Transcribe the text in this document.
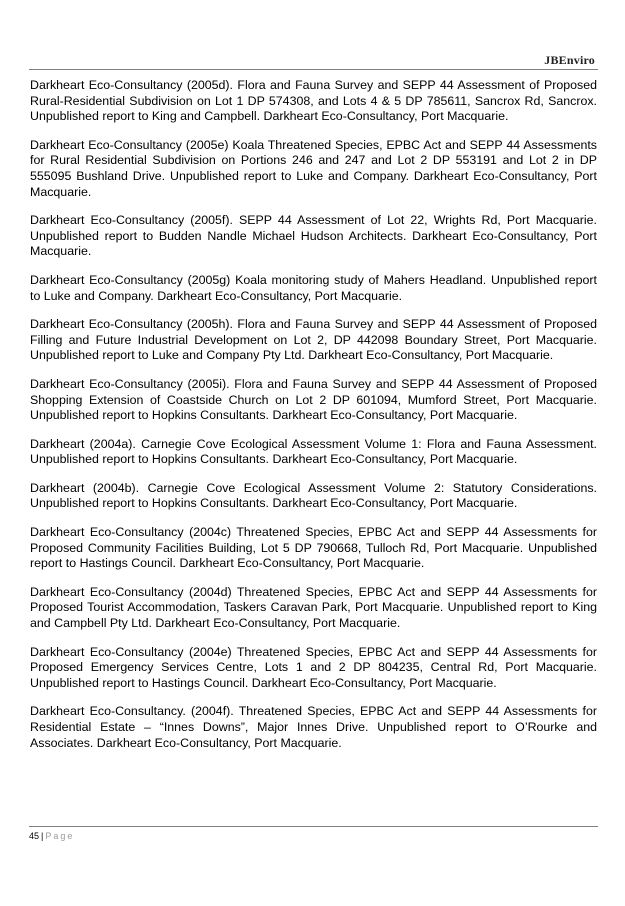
JBEnviro
Darkheart Eco-Consultancy (2005d). Flora and Fauna Survey and SEPP 44 Assessment of Proposed Rural-Residential Subdivision on Lot 1 DP 574308, and Lots 4 & 5 DP 785611, Sancrox Rd, Sancrox. Unpublished report to King and Campbell. Darkheart Eco-Consultancy, Port Macquarie.
Darkheart Eco-Consultancy (2005e) Koala Threatened Species, EPBC Act and SEPP 44 Assessments for Rural Residential Subdivision on Portions 246 and 247 and Lot 2 DP 553191 and Lot 2 in DP 555095 Bushland Drive. Unpublished report to Luke and Company. Darkheart Eco-Consultancy, Port Macquarie.
Darkheart Eco-Consultancy (2005f). SEPP 44 Assessment of Lot 22, Wrights Rd, Port Macquarie. Unpublished report to Budden Nandle Michael Hudson Architects. Darkheart Eco-Consultancy, Port Macquarie.
Darkheart Eco-Consultancy (2005g) Koala monitoring study of Mahers Headland. Unpublished report to Luke and Company. Darkheart Eco-Consultancy, Port Macquarie.
Darkheart Eco-Consultancy (2005h). Flora and Fauna Survey and SEPP 44 Assessment of Proposed Filling and Future Industrial Development on Lot 2, DP 442098 Boundary Street, Port Macquarie. Unpublished report to Luke and Company Pty Ltd. Darkheart Eco-Consultancy, Port Macquarie.
Darkheart Eco-Consultancy (2005i). Flora and Fauna Survey and SEPP 44 Assessment of Proposed Shopping Extension of Coastside Church on Lot 2 DP 601094, Mumford Street, Port Macquarie. Unpublished report to Hopkins Consultants. Darkheart Eco-Consultancy, Port Macquarie.
Darkheart (2004a). Carnegie Cove Ecological Assessment Volume 1: Flora and Fauna Assessment. Unpublished report to Hopkins Consultants. Darkheart Eco-Consultancy, Port Macquarie.
Darkheart (2004b). Carnegie Cove Ecological Assessment Volume 2: Statutory Considerations. Unpublished report to Hopkins Consultants. Darkheart Eco-Consultancy, Port Macquarie.
Darkheart Eco-Consultancy (2004c) Threatened Species, EPBC Act and SEPP 44 Assessments for Proposed Community Facilities Building, Lot 5 DP 790668, Tulloch Rd, Port Macquarie. Unpublished report to Hastings Council. Darkheart Eco-Consultancy, Port Macquarie.
Darkheart Eco-Consultancy (2004d) Threatened Species, EPBC Act and SEPP 44 Assessments for Proposed Tourist Accommodation, Taskers Caravan Park, Port Macquarie. Unpublished report to King and Campbell Pty Ltd. Darkheart Eco-Consultancy, Port Macquarie.
Darkheart Eco-Consultancy (2004e) Threatened Species, EPBC Act and SEPP 44 Assessments for Proposed Emergency Services Centre, Lots 1 and 2 DP 804235, Central Rd, Port Macquarie. Unpublished report to Hastings Council. Darkheart Eco-Consultancy, Port Macquarie.
Darkheart Eco-Consultancy. (2004f). Threatened Species, EPBC Act and SEPP 44 Assessments for Residential Estate – “Innes Downs”, Major Innes Drive. Unpublished report to O’Rourke and Associates. Darkheart Eco-Consultancy, Port Macquarie.
45 | Page
